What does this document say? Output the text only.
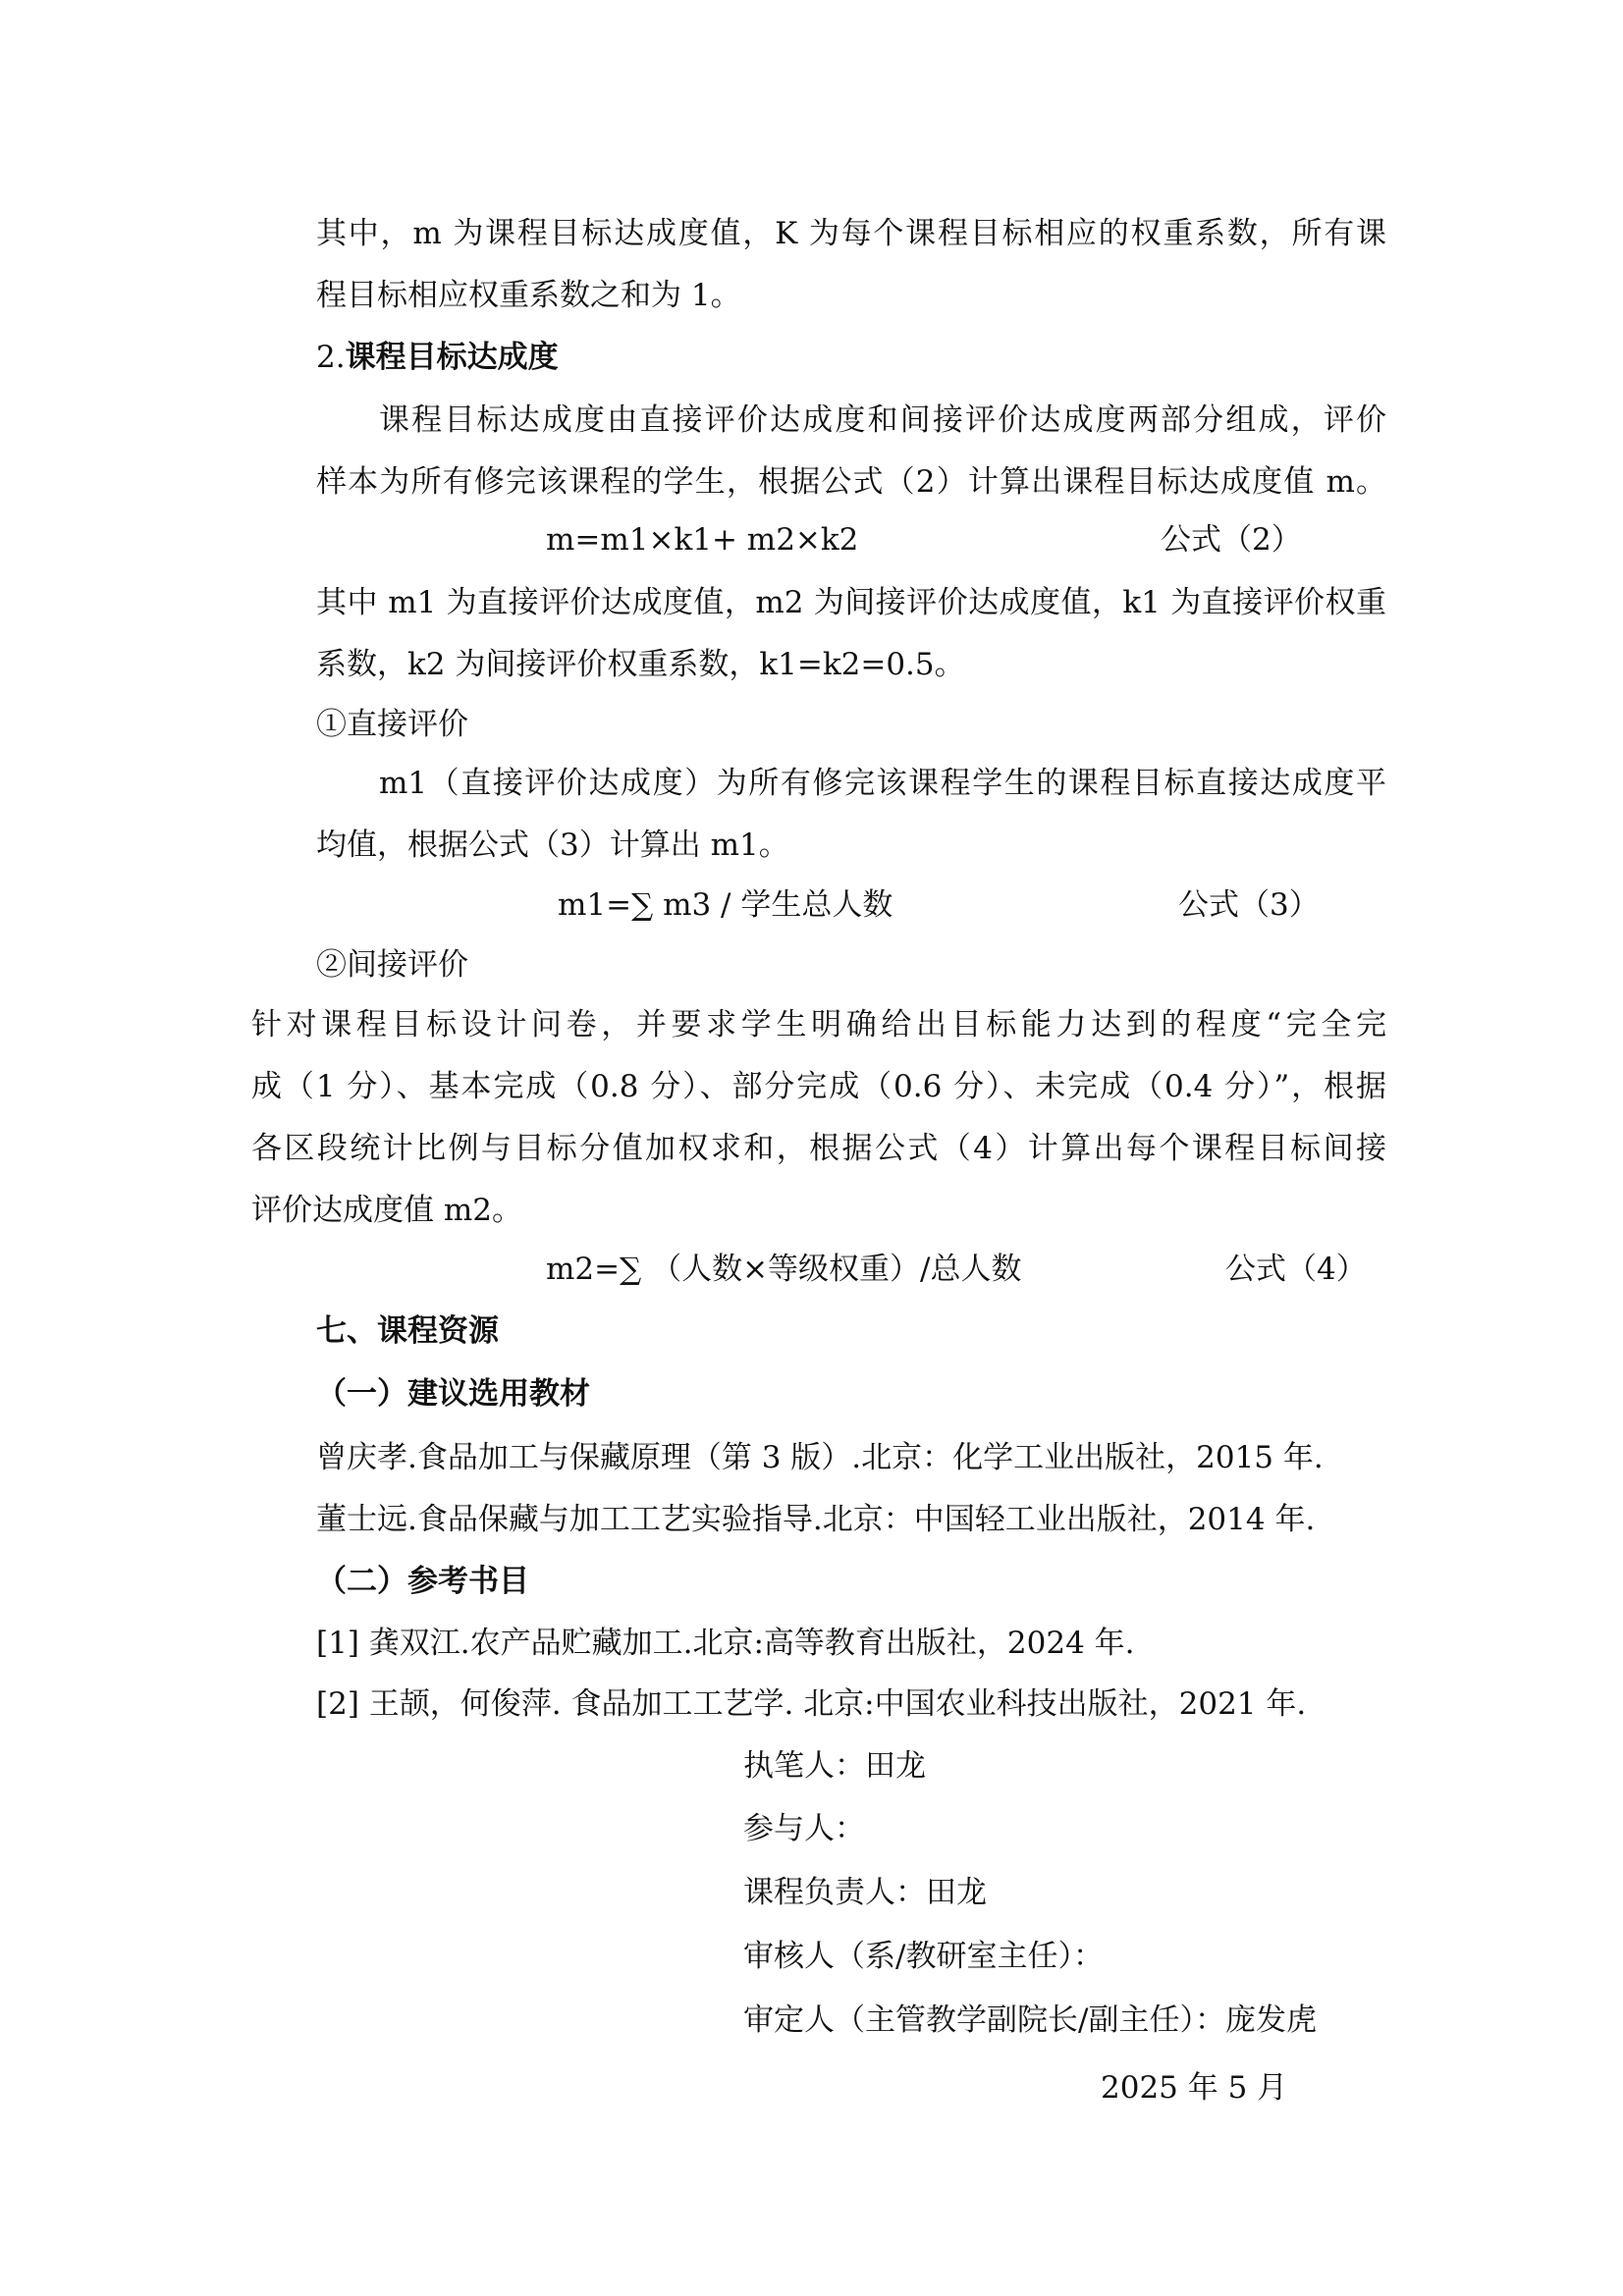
其中，m 为课程目标达成度值，K 为每个课程目标相应的权重系数，所有课
程目标相应权重系数之和为 1。
2.课程目标达成度
课程目标达成度由直接评价达成度和间接评价达成度两部分组成，评价
样本为所有修完该课程的学生，根据公式（2）计算出课程目标达成度值 m。
m=m1×k1+ m2×k2	公式（2）
其中 m1 为直接评价达成度值，m2 为间接评价达成度值，k1 为直接评价权重
系数，k2 为间接评价权重系数，k1=k2=0.5。
①直接评价
m1（直接评价达成度）为所有修完该课程学生的课程目标直接达成度平
均值，根据公式（3）计算出 m1。
m1=∑ m3 / 学生总人数	公式（3）
②间接评价
针对课程目标设计问卷，并要求学生明确给出目标能力达到的程度“完全完
成（1 分）、基本完成（0.8 分）、部分完成（0.6 分）、未完成（0.4 分）”，根据
各区段统计比例与目标分值加权求和，根据公式（4）计算出每个课程目标间接
评价达成度值 m2。
m2=∑ （人数×等级权重）/总人数	公式（4）
七、课程资源
（一）建议选用教材
曾庆孝.食品加工与保藏原理（第 3 版）.北京：化学工业出版社，2015 年.
董士远.食品保藏与加工工艺实验指导.北京：中国轻工业出版社，2014 年.
（二）参考书目
[1] 龚双江.农产品贮藏加工.北京:高等教育出版社，2024 年.
[2] 王颉，何俊萍. 食品加工工艺学. 北京:中国农业科技出版社，2021 年.
执笔人：田龙
参与人：
课程负责人：田龙
审核人（系/教研室主任）：
审定人（主管教学副院长/副主任）：庞发虎
2025 年 5 月
